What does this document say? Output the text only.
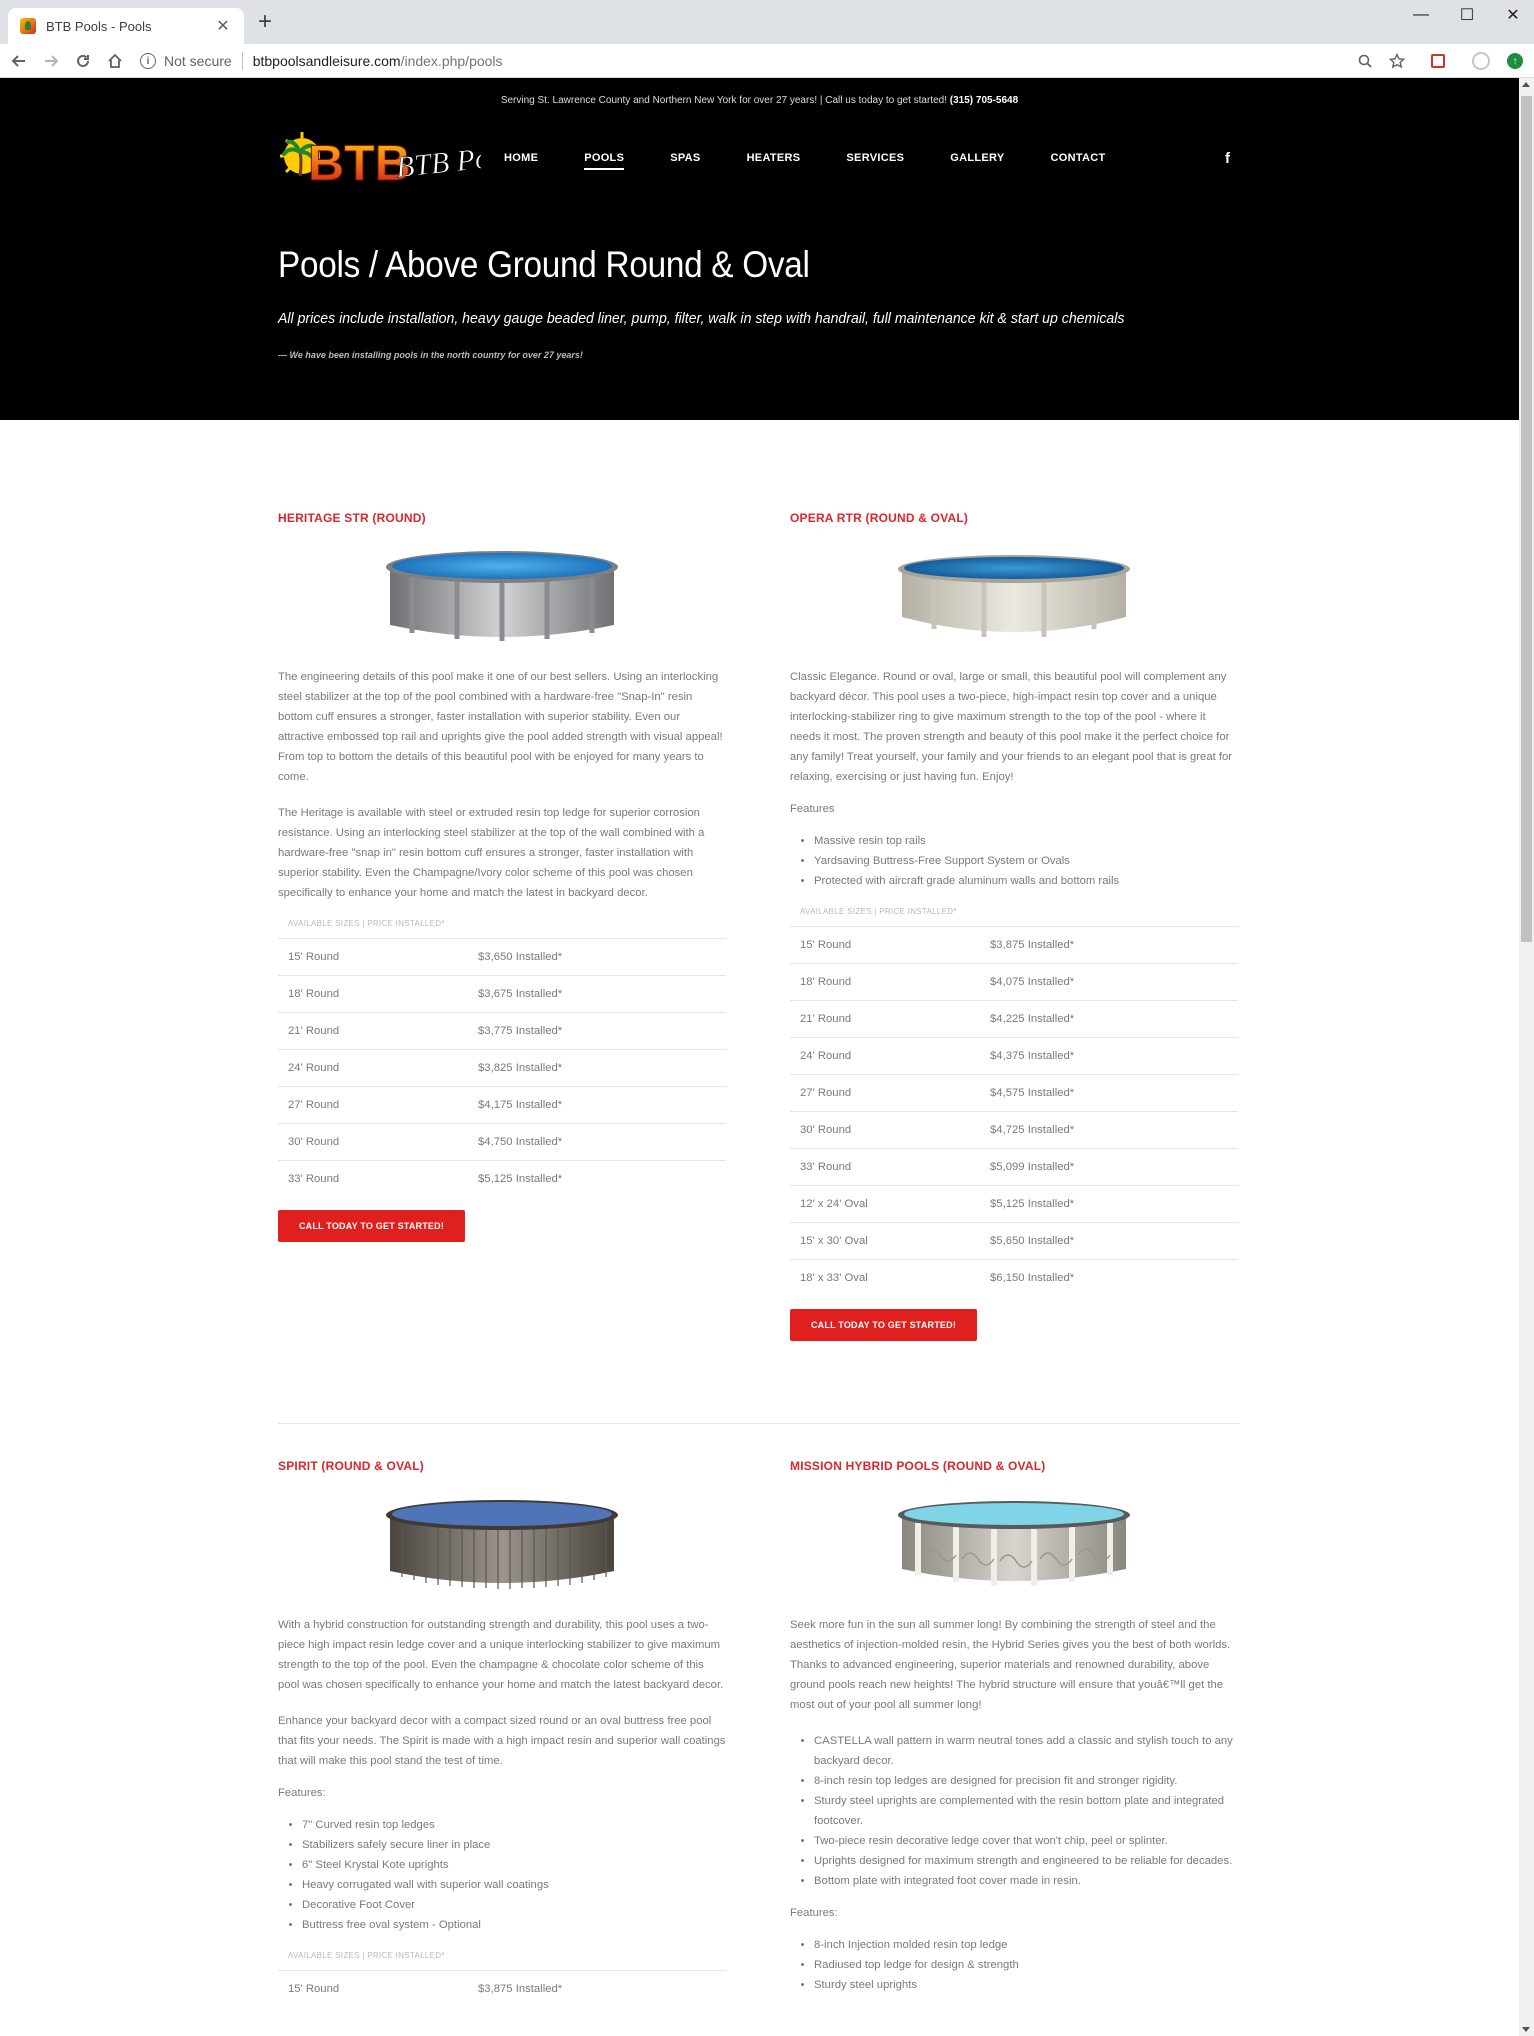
BTB Pools - Pools	✕ +	—	☐	✕
i	Not secure btbpoolsandleisure.com /index.php/pools	↑
Serving St. Lawrence County and Northern New York for over 27 years! | Call us today to get started! (315) 705-5648
BTB
BTB Pools
HOME	POOLS	SPAS	HEATERS	SERVICES	GALLERY	CONTACT	f
Pools / Above Ground Round & Oval
All prices include installation, heavy gauge beaded liner, pump, filter, walk in step with handrail, full maintenance kit & start up chemicals
— We have been installing pools in the north country for over 27 years!
HERITAGE STR (ROUND)

The engineering details of this pool make it one of our best sellers. Using an interlocking steel stabilizer at the top of the pool combined with a hardware-free "Snap-In" resin bottom cuff ensures a stronger, faster installation with superior stability. Even our attractive embossed top rail and uprights give the pool added strength with visual appeal! From top to bottom the details of this beautiful pool with be enjoyed for many years to come.

The Heritage is available with steel or extruded resin top ledge for superior corrosion resistance. Using an interlocking steel stabilizer at the top of the wall combined with a hardware-free "snap in" resin bottom cuff ensures a stronger, faster installation with superior stability. Even the Champagne/Ivory color scheme of this pool was chosen specifically to enhance your home and match the latest in backyard decor.

AVAILABLE SIZES | PRICE INSTALLED*
15' Round	$3,650 Installed*
18' Round	$3,675 Installed*
21' Round	$3,775 Installed*
24' Round	$3,825 Installed*
27' Round	$4,175 Installed*
30' Round	$4,750 Installed*
33' Round	$5,125 Installed*
CALL TODAY TO GET STARTED!
OPERA RTR (ROUND & OVAL)

Classic Elegance. Round or oval, large or small, this beautiful pool will complement any backyard décor. This pool uses a two-piece, high-impact resin top cover and a unique interlocking-stabilizer ring to give maximum strength to the top of the pool - where it needs it most. The proven strength and beauty of this pool make it the perfect choice for any family! Treat yourself, your family and your friends to an elegant pool that is great for relaxing, exercising or just having fun. Enjoy!

Features
• Massive resin top rails
• Yardsaving Buttress-Free Support System or Ovals
• Protected with aircraft grade aluminum walls and bottom rails
AVAILABLE SIZES | PRICE INSTALLED*
15' Round	$3,875 Installed*
18' Round	$4,075 Installed*
21' Round	$4,225 Installed*
24' Round	$4,375 Installed*
27' Round	$4,575 Installed*
30' Round	$4,725 Installed*
33' Round	$5,099 Installed*
12' x 24' Oval	$5,125 Installed*
15' x 30' Oval	$5,650 Installed*
18' x 33' Oval	$6,150 Installed*
CALL TODAY TO GET STARTED!
SPIRIT (ROUND & OVAL)

With a hybrid construction for outstanding strength and durability, this pool uses a two-piece high impact resin ledge cover and a unique interlocking stabilizer to give maximum strength to the top of the pool. Even the champagne & chocolate color scheme of this pool was chosen specifically to enhance your home and match the latest backyard decor.

Enhance your backyard decor with a compact sized round or an oval buttress free pool that fits your needs. The Spirit is made with a high impact resin and superior wall coatings that will make this pool stand the test of time.

Features:
• 7" Curved resin top ledges
• Stabilizers safely secure liner in place
• 6" Steel Krystal Kote uprights
• Heavy corrugated wall with superior wall coatings
• Decorative Foot Cover
• Buttress free oval system - Optional
AVAILABLE SIZES | PRICE INSTALLED*
15' Round	$3,875 Installed*
MISSION HYBRID POOLS (ROUND & OVAL)

Seek more fun in the sun all summer long! By combining the strength of steel and the aesthetics of injection-molded resin, the Hybrid Series gives you the best of both worlds. Thanks to advanced engineering, superior materials and renowned durability, above ground pools reach new heights! The hybrid structure will ensure that youâ€™ll get the most out of your pool all summer long!

• CASTELLA wall pattern in warm neutral tones add a classic and stylish touch to any backyard decor.
• 8-inch resin top ledges are designed for precision fit and stronger rigidity.
• Sturdy steel uprights are complemented with the resin bottom plate and integrated footcover.
• Two-piece resin decorative ledge cover that won't chip, peel or splinter.
• Uprights designed for maximum strength and engineered to be reliable for decades.
• Bottom plate with integrated foot cover made in resin.
Features:
• 8-inch Injection molded resin top ledge
• Radiused top ledge for design & strength
• Sturdy steel uprights
